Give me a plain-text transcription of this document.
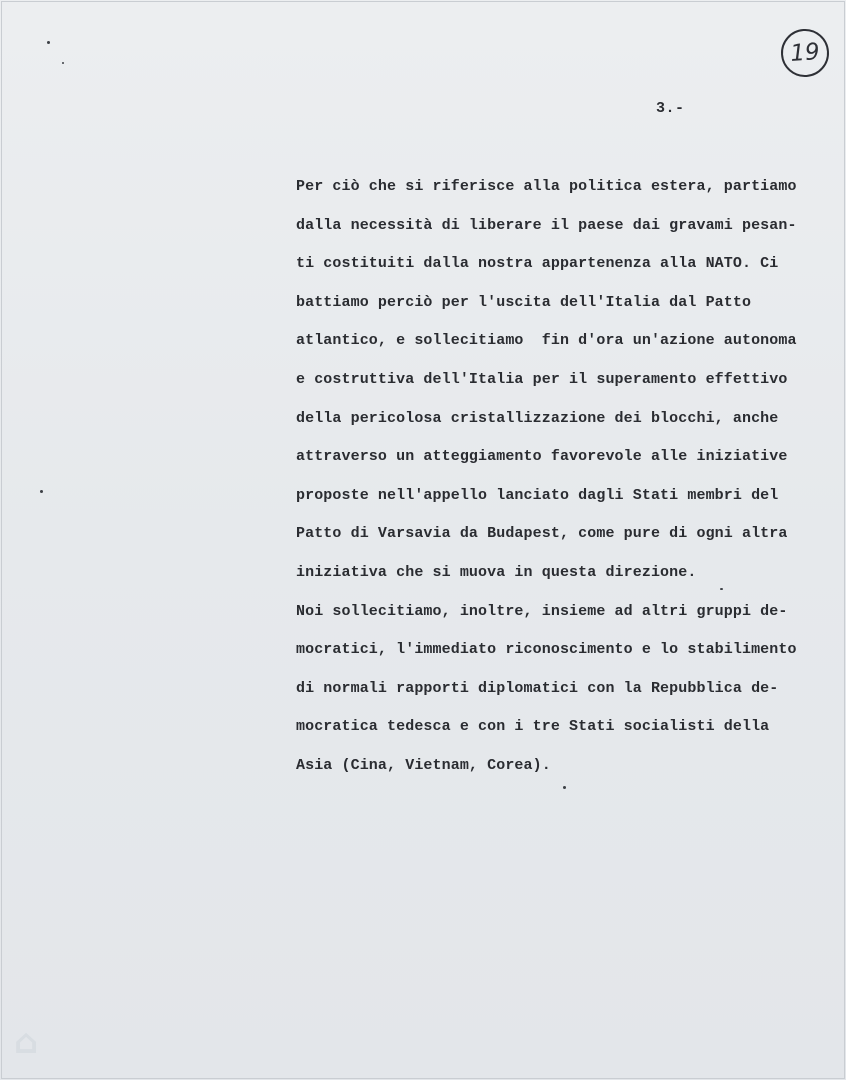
19
3.-
Per ciò che si riferisce alla politica estera, partiamo
dalla necessità di liberare il paese dai gravami pesan-
ti costituiti dalla nostra appartenenza alla NATO. Ci
battiamo perciò per l'uscita dell'Italia dal Patto
atlantico, e sollecitiamo  fin d'ora un'azione autonoma
e costruttiva dell'Italia per il superamento effettivo
della pericolosa cristallizzazione dei blocchi, anche
attraverso un atteggiamento favorevole alle iniziative
proposte nell'appello lanciato dagli Stati membri del
Patto di Varsavia da Budapest, come pure di ogni altra
iniziativa che si muova in questa direzione.
Noi sollecitiamo, inoltre, insieme ad altri gruppi de-
mocratici, l'immediato riconoscimento e lo stabilimento
di normali rapporti diplomatici con la Repubblica de-
mocratica tedesca e con i tre Stati socialisti della
Asia (Cina, Vietnam, Corea).
⌂
